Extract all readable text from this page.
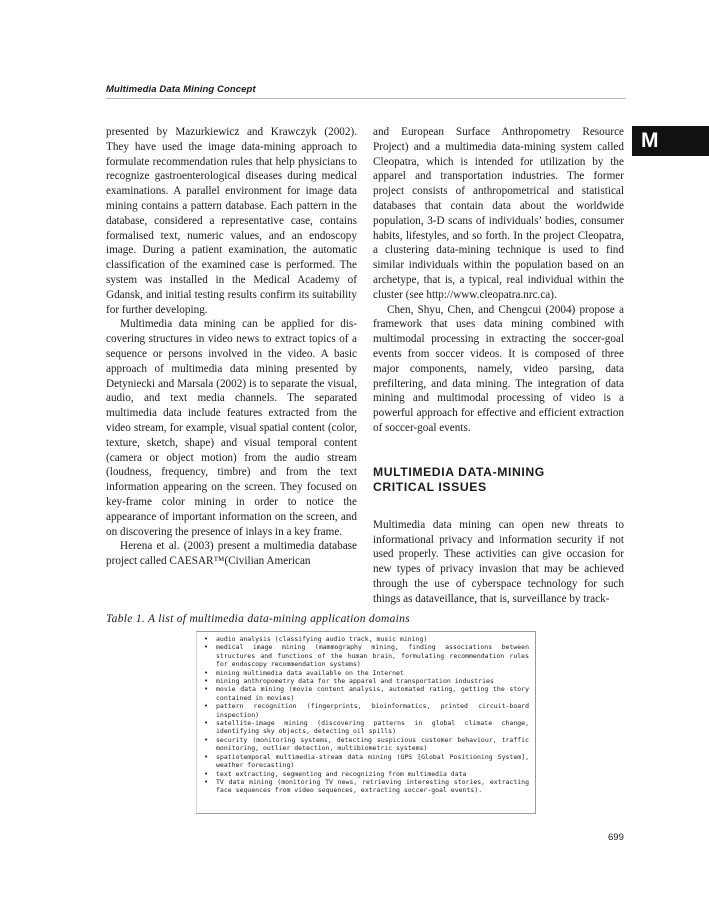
Multimedia Data Mining Concept
M

presented by Mazurkiewicz and Krawczyk (2002). They have used the image data-mining approach to formulate recommendation rules that help physicians to recognize gastroenterological diseases during medical examinations. A parallel environment for image data mining contains a pattern database. Each pattern in the database, considered a representative case, contains formalised text, numeric values, and an endoscopy image. During a patient examination, the automatic classification of the examined case is performed. The system was installed in the Medical Academy of Gdansk, and initial testing results confirm its suitability for further developing.

Multimedia data mining can be applied for discovering structures in video news to extract topics of a sequence or persons involved in the video. A basic approach of multimedia data mining presented by Detyniecki and Marsala (2002) is to separate the visual, audio, and text media channels. The separated multimedia data include features extracted from the video stream, for example, visual spatial content (color, texture, sketch, shape) and visual temporal content (camera or object motion) from the audio stream (loudness, frequency, timbre) and from the text information appearing on the screen. They focused on key-frame color mining in order to notice the appearance of important information on the screen, and on discovering the presence of inlays in a key frame.

Herena et al. (2003) present a multimedia database project called CAESAR™(Civilian American

and European Surface Anthropometry Resource Project) and a multimedia data-mining system called Cleopatra, which is intended for utilization by the apparel and transportation industries. The former project consists of anthropometrical and statistical databases that contain data about the worldwide population, 3-D scans of individuals’ bodies, consumer habits, lifestyles, and so forth. In the project Cleopatra, a clustering data-mining technique is used to find similar individuals within the population based on an archetype, that is, a typical, real individual within the cluster (see http://www.cleopatra.nrc.ca).

Chen, Shyu, Chen, and Chengcui (2004) propose a framework that uses data mining combined with multimodal processing in extracting the soccer-goal events from soccer videos. It is composed of three major components, namely, video parsing, data prefiltering, and data mining. The integration of data mining and multimodal processing of video is a powerful approach for effective and efficient extraction of soccer-goal events.

MULTIMEDIA DATA-MINING
CRITICAL ISSUES

Multimedia data mining can open new threats to informational privacy and information security if not used properly. These activities can give occasion for new types of privacy invasion that may be achieved through the use of cyberspace technology for such things as dataveillance, that is, surveillance by track-

Table 1. A list of multimedia data-mining application domains
• audio analysis (classifying audio track, music mining)
• medical image mining (mammography mining, finding associations between structures and functions of the human brain, formulating recommendation rules for endoscopy recommendation systems)
• mining multimedia data available on the Internet
• mining anthropometry data for the apparel and transportation industries
• movie data mining (movie content analysis, automated rating, getting the story contained in movies)
• pattern recognition (fingerprints, bioinformatics, printed circuit-board inspection)
• satellite-image mining (discovering patterns in global climate change, identifying sky objects, detecting oil spills)
• security (monitoring systems, detecting suspicious customer behaviour, traffic monitoring, outlier detection, multibiometric systems)
• spatiotemporal multimedia-stream data mining (GPS [Global Positioning System], weather forecasting)
• text extracting, segmenting and recognizing from multimedia data
• TV data mining (monitoring TV news, retrieving interesting stories, extracting face sequences from video sequences, extracting soccer-goal events).
699
